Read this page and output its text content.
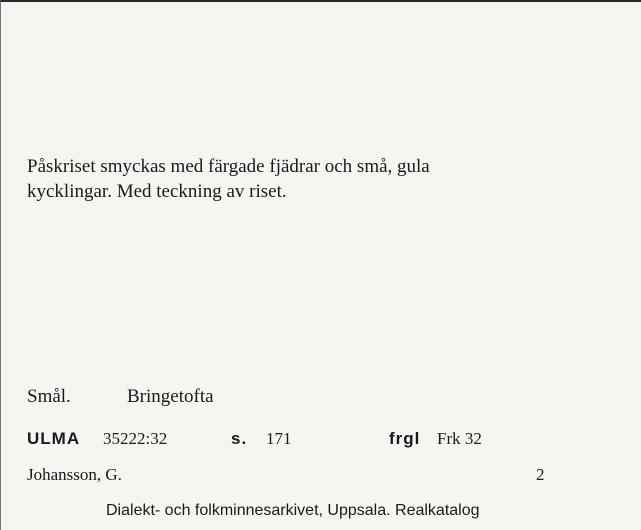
Påskriset smyckas med färgade fjädrar och små, gula
kycklingar. Med teckning av riset.
Smål.	Bringetofta
ULMA 35222:32	s. 171	frgl Frk 32
Johansson, G.	2
Dialekt- och folkminnesarkivet, Uppsala. Realkatalog
